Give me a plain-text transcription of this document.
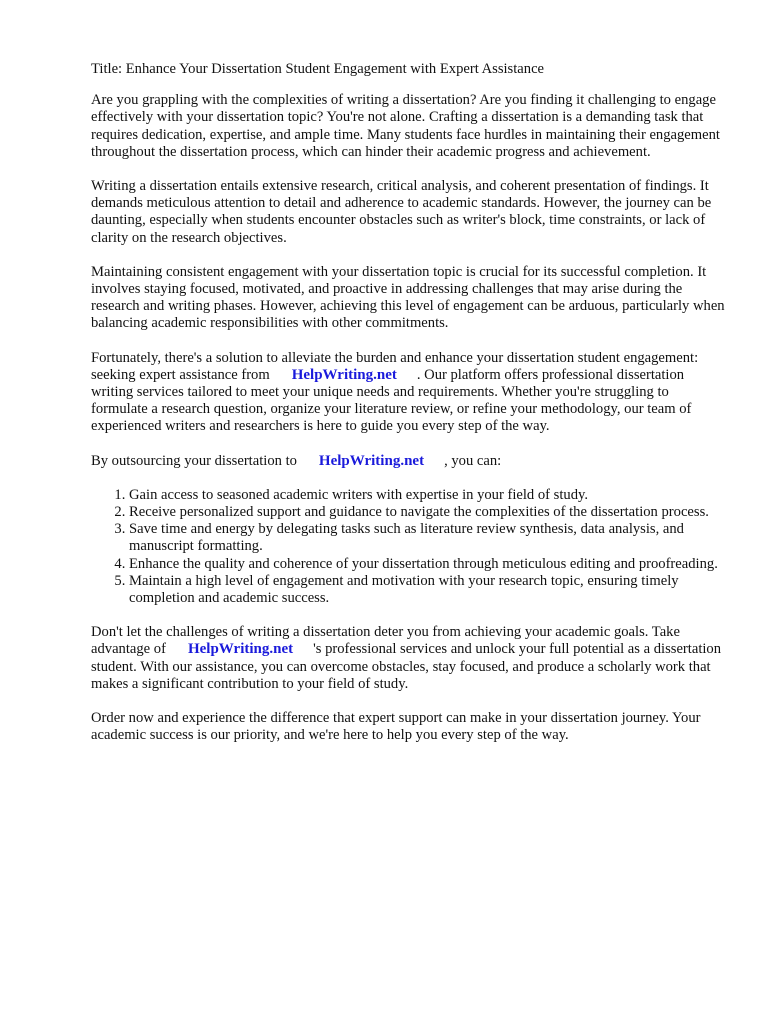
Title: Enhance Your Dissertation Student Engagement with Expert Assistance

Are you grappling with the complexities of writing a dissertation? Are you finding it challenging to engage effectively with your dissertation topic? You're not alone. Crafting a dissertation is a demanding task that requires dedication, expertise, and ample time. Many students face hurdles in maintaining their engagement throughout the dissertation process, which can hinder their academic progress and achievement.

Writing a dissertation entails extensive research, critical analysis, and coherent presentation of findings. It demands meticulous attention to detail and adherence to academic standards. However, the journey can be daunting, especially when students encounter obstacles such as writer's block, time constraints, or lack of clarity on the research objectives.

Maintaining consistent engagement with your dissertation topic is crucial for its successful completion. It involves staying focused, motivated, and proactive in addressing challenges that may arise during the research and writing phases. However, achieving this level of engagement can be arduous, particularly when balancing academic responsibilities with other commitments.

Fortunately, there's a solution to alleviate the burden and enhance your dissertation student engagement: seeking expert assistance from HelpWriting.net . Our platform offers professional dissertation writing services tailored to meet your unique needs and requirements. Whether you're struggling to formulate a research question, organize your literature review, or refine your methodology, our team of experienced writers and researchers is here to guide you every step of the way.

By outsourcing your dissertation to HelpWriting.net , you can:

1. Gain access to seasoned academic writers with expertise in your field of study.
2. Receive personalized support and guidance to navigate the complexities of the dissertation process.
3. Save time and energy by delegating tasks such as literature review synthesis, data analysis, and manuscript formatting.
4. Enhance the quality and coherence of your dissertation through meticulous editing and proofreading.
5. Maintain a high level of engagement and motivation with your research topic, ensuring timely completion and academic success.

Don't let the challenges of writing a dissertation deter you from achieving your academic goals. Take advantage of HelpWriting.net 's professional services and unlock your full potential as a dissertation student. With our assistance, you can overcome obstacles, stay focused, and produce a scholarly work that makes a significant contribution to your field of study.

Order now and experience the difference that expert support can make in your dissertation journey. Your academic success is our priority, and we're here to help you every step of the way.
